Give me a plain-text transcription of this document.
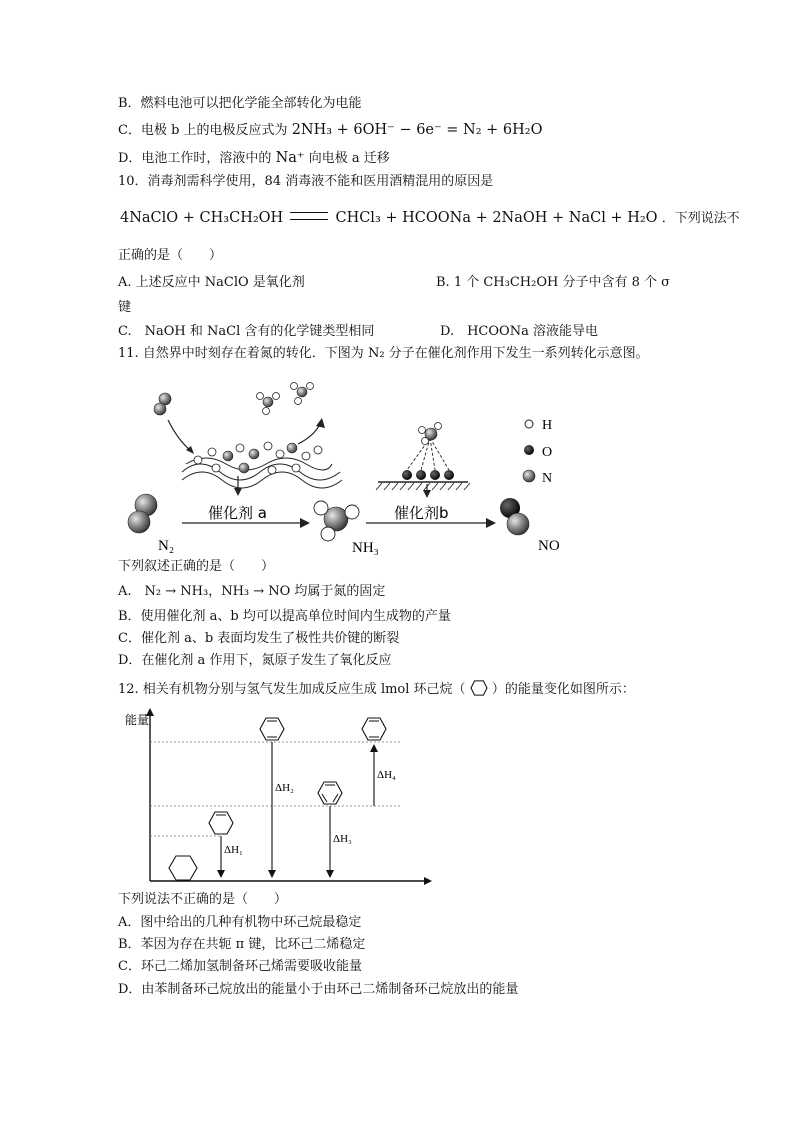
B．燃料电池可以把化学能全部转化为电能
C．电极 b 上的电极反应式为 2NH₃ + 6OH⁻ − 6e⁻ = N₂ + 6H₂O
D．电池工作时，溶液中的 Na⁺ 向电极 a 迁移
10．消毒剂需科学使用，84 消毒液不能和医用酒精混用的原因是
4NaClO + CH₃CH₂OH	CHCl₃ + HCOONa + 2NaOH + NaCl + H₂O ．下列说法不
正确的是（　　）
A. 上述反应中 NaClO 是氧化剂	B. 1 个 CH₃CH₂OH 分子中含有 8 个 σ
键
C.　NaOH 和 NaCl 含有的化学键类型相同	D.　HCOONa 溶液能导电
11. 自然界中时刻存在着氮的转化．下图为 N₂ 分子在催化剂作用下发生一系列转化示意图。
H
O
N
N₂
催化剂 a
NH₃
催化剂b
NO
下列叙述正确的是（　　）
A.　N₂ → NH₃，NH₃ → NO 均属于氮的固定
B．使用催化剂 a、b 均可以提高单位时间内生成物的产量
C．催化剂 a、b 表面均发生了极性共价键的断裂
D．在催化剂 a 作用下，氮原子发生了氧化反应
12. 相关有机物分别与氢气发生加成反应生成 lmol 环己烷（ ）的能量变化如图所示：
能量
ΔH₁
ΔH₂
ΔH₃
ΔH₄
下列说法不正确的是（　　）
A．图中给出的几种有机物中环己烷最稳定
B．苯因为存在共轭 π 键，比环己二烯稳定
C．环己二烯加氢制备环己烯需要吸收能量
D．由苯制备环己烷放出的能量小于由环己二烯制备环己烷放出的能量
